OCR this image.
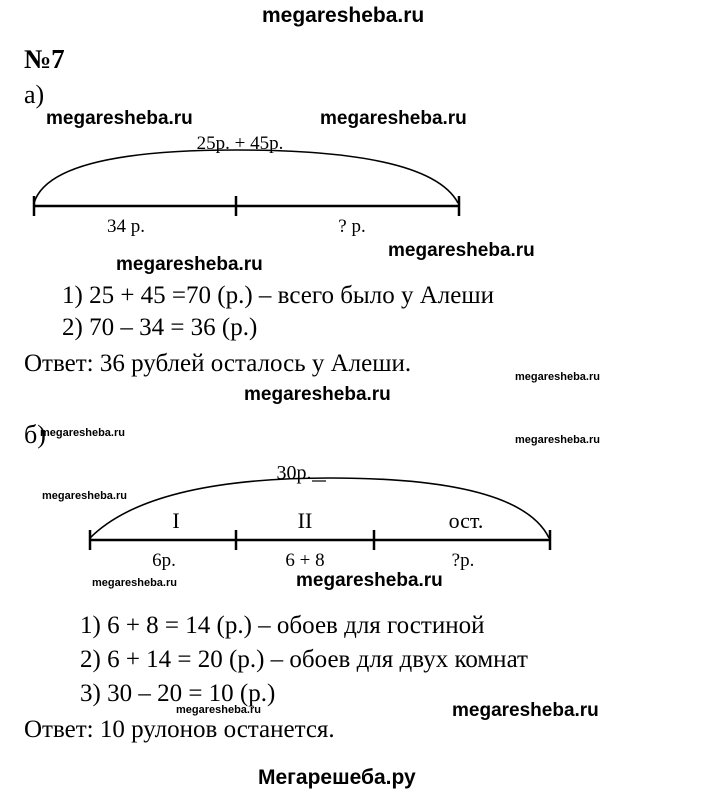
megaresheba.ru
№7
а)
25р. + 45р.
34 р.	? р.
30р.
I	II	ост.
6р.	6 + 8	?р.
1) 25 + 45 =70 (р.) – всего было у Алеши
2) 70 – 34 = 36 (р.)
Ответ: 36 рублей осталось у Алеши.
б)
1) 6 + 8 = 14 (р.) – обоев для гостиной
2) 6 + 14 = 20 (р.) – обоев для двух комнат
3) 30 – 20 = 10 (р.)
Ответ: 10 рулонов останется.
megaresheba.ru	megaresheba.ru
megaresheba.ru
megaresheba.ru
megaresheba.ru
megaresheba.ru
megaresheba.ru
megaresheba.ru
megaresheba.ru
megaresheba.ru	megaresheba.ru
megaresheba.ru	megaresheba.ru
Мегарешеба.ру
